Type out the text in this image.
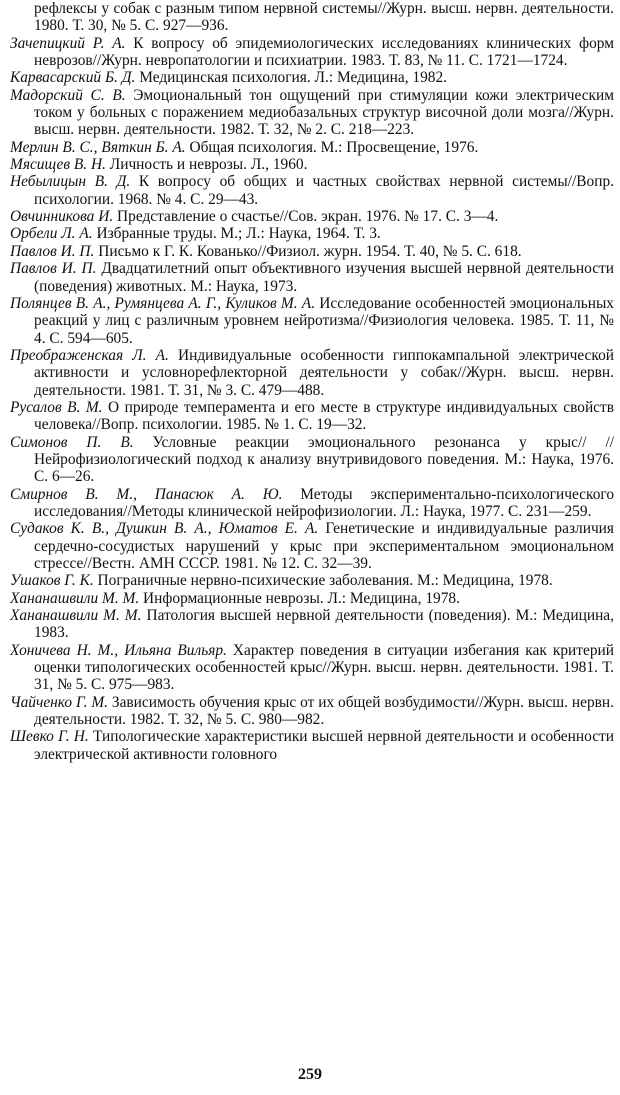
рефлексы у собак с разным типом нервной системы//Журн. высш. нервн. деятельности. 1980. Т. 30, № 5. С. 927—936.

Зачепицкий Р. А. К вопросу об эпидемиологических исследованиях клинических форм неврозов//Журн. невропатологии и психиатрии. 1983. Т. 83, № 11. С. 1721—1724.

Карвасарский Б. Д. Медицинская психология. Л.: Медицина, 1982.

Мадорский С. В. Эмоциональный тон ощущений при стимуляции кожи электрическим током у больных с поражением медиобазальных структур височной доли мозга//Журн. высш. нервн. деятельности. 1982. Т. 32, № 2. С. 218—223.

Мерлин В. С., Вяткин Б. А. Общая психология. М.: Просвещение, 1976.

Мясищев В. Н. Личность и неврозы. Л., 1960.

Небылицын В. Д. К вопросу об общих и частных свойствах нервной системы//Вопр. психологии. 1968. № 4. С. 29—43.

Овчинникова И. Представление о счастье//Сов. экран. 1976. № 17. С. 3—4.

Орбели Л. А. Избранные труды. М.; Л.: Наука, 1964. Т. 3.

Павлов И. П. Письмо к Г. К. Кованько//Физиол. журн. 1954. Т. 40, № 5. С. 618.

Павлов И. П. Двадцатилетний опыт объективного изучения высшей нервной деятельности (поведения) животных. М.: Наука, 1973.

Полянцев В. А., Румянцева А. Г., Куликов М. А. Исследование особенностей эмоциональных реакций у лиц с различным уровнем нейротизма//Физиология человека. 1985. Т. 11, № 4. С. 594—605.

Преображенская Л. А. Индивидуальные особенности гиппокампальной электрической активности и условнорефлекторной деятельности у собак//Журн. высш. нервн. деятельности. 1981. Т. 31, № 3. С. 479—488.

Русалов В. М. О природе темперамента и его месте в структуре индивидуальных свойств человека//Вопр. психологии. 1985. № 1. С. 19—32.

Симонов П. В. Условные реакции эмоционального резонанса у крыс// //Нейрофизиологический подход к анализу внутривидового поведения. М.: Наука, 1976. С. 6—26.

Смирнов В. М., Панасюк А. Ю. Методы экспериментально-психологического исследования//Методы клинической нейрофизиологии. Л.: Наука, 1977. С. 231—259.

Судаков К. В., Душкин В. А., Юматов Е. А. Генетические и индивидуальные различия сердечно-сосудистых нарушений у крыс при экспериментальном эмоциональном стрессе//Вестн. АМН СССР. 1981. № 12. С. 32—39.

Ушаков Г. К. Пограничные нервно-психические заболевания. М.: Медицина, 1978.

Хананашвили М. М. Информационные неврозы. Л.: Медицина, 1978.

Хананашвили М. М. Патология высшей нервной деятельности (поведения). М.: Медицина, 1983.

Хоничева Н. М., Ильяна Вильяр. Характер поведения в ситуации избегания как критерий оценки типологических особенностей крыс//Журн. высш. нервн. деятельности. 1981. Т. 31, № 5. С. 975—983.

Чайченко Г. М. Зависимость обучения крыс от их общей возбудимости//Журн. высш. нервн. деятельности. 1982. Т. 32, № 5. С. 980—982.

Шевко Г. Н. Типологические характеристики высшей нервной деятельности и особенности электрической активности головного

259
